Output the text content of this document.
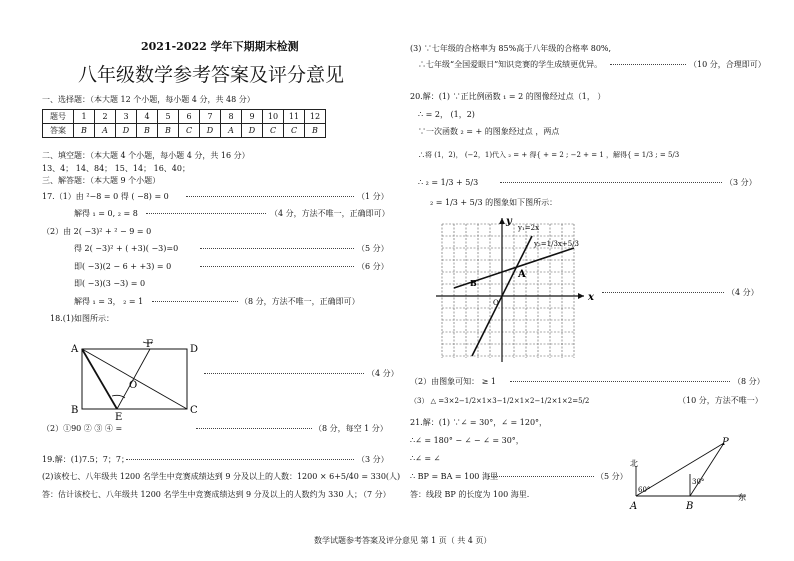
2021-2022 学年下期期末检测
八年级数学参考答案及评分意见
一、选择题：（本大题 12 个小题，每小题 4 分，共 48 分）
题号	1	2	3	4	5	6	7	8	9	10	11	12
答案	B	A	D	B	B	C	D	A	D	C	C	B
二、填空题：（本大题 4 个小题，每小题 4 分，共 16 分）
13、4； 14、84； 15、14； 16、40；
三、解答题：（本大题 9 个小题）
17.（1）由 ²−8 = 0 得 ( −8) = 0	（1 分）
解得 ₁ = 0, ₂ = 8	（4 分，方法不唯一，正确即可）
（2）由 2( −3)² + ² − 9 = 0
得 2( −3)² + ( +3)( −3)=0	（5 分）
即( −3)(2 − 6 + +3) = 0	（6 分）
即( −3)(3 −3) = 0
解得 ₁ = 3， ₂ = 1	（8 分，方法不唯一，正确即可）
18.(1)如图所示：
A	D
B	C
F
E
O
（4 分）
（2）①90 ② ③ ④ =	（8 分，每空 1 分）
19.解：(1)7.5；7；7；	（3 分）
(2)该校七、八年级共 1200 名学生中竞赛成绩达到 9 分及以上的人数：1200 × 6+5/40 = 330(人)
答：估计该校七、八年级共 1200 名学生中竞赛成绩达到 9 分及以上的人数约为 330 人；
（7 分）
(3) ∵七年级的合格率为 85%高于八年级的合格率 80%,
∴七年级“全国爱眼日”知识竞赛的学生成绩更优异。	（10 分，合理即可）
20.解：(1) ∵正比例函数 ₁ = 2 的图像经过点（1， ）
∴ = 2， (1，2)
∵一次函数 ₂ = + 的图象经过点 ，两点
∴将 (1，2)， (−2，1)代入 ₂ = + 得{ + = 2 ; −2 + = 1 ，解得{ = 1/3 ; = 5/3
∴ ₂ = 1/3 + 5/3	（3 分）
₂ = 1/3 + 5/3 的图象如下图所示：
x
y
A
B
O
y₁=2x
y₂=1/3x+5/3
（4 分）
（2）由图象可知： ≥ 1	（8 分）
（3） △ =3×2−1/2×1×3−1/2×1×2−1/2×1×2=5/2	（10 分，方法不唯一）
21.解：(1) ∵∠ = 30°，∠ = 120°，
∴∠ = 180° − ∠ − ∠ = 30°，
∴∠ = ∠
∴ BP = BA = 100 海里	（5 分）
答：线段 BP 的长度为 100 海里.
北
东
A	B
P
60°
30°
数学试题参考答案及评分意见 第 1 页（ 共 4 页）
